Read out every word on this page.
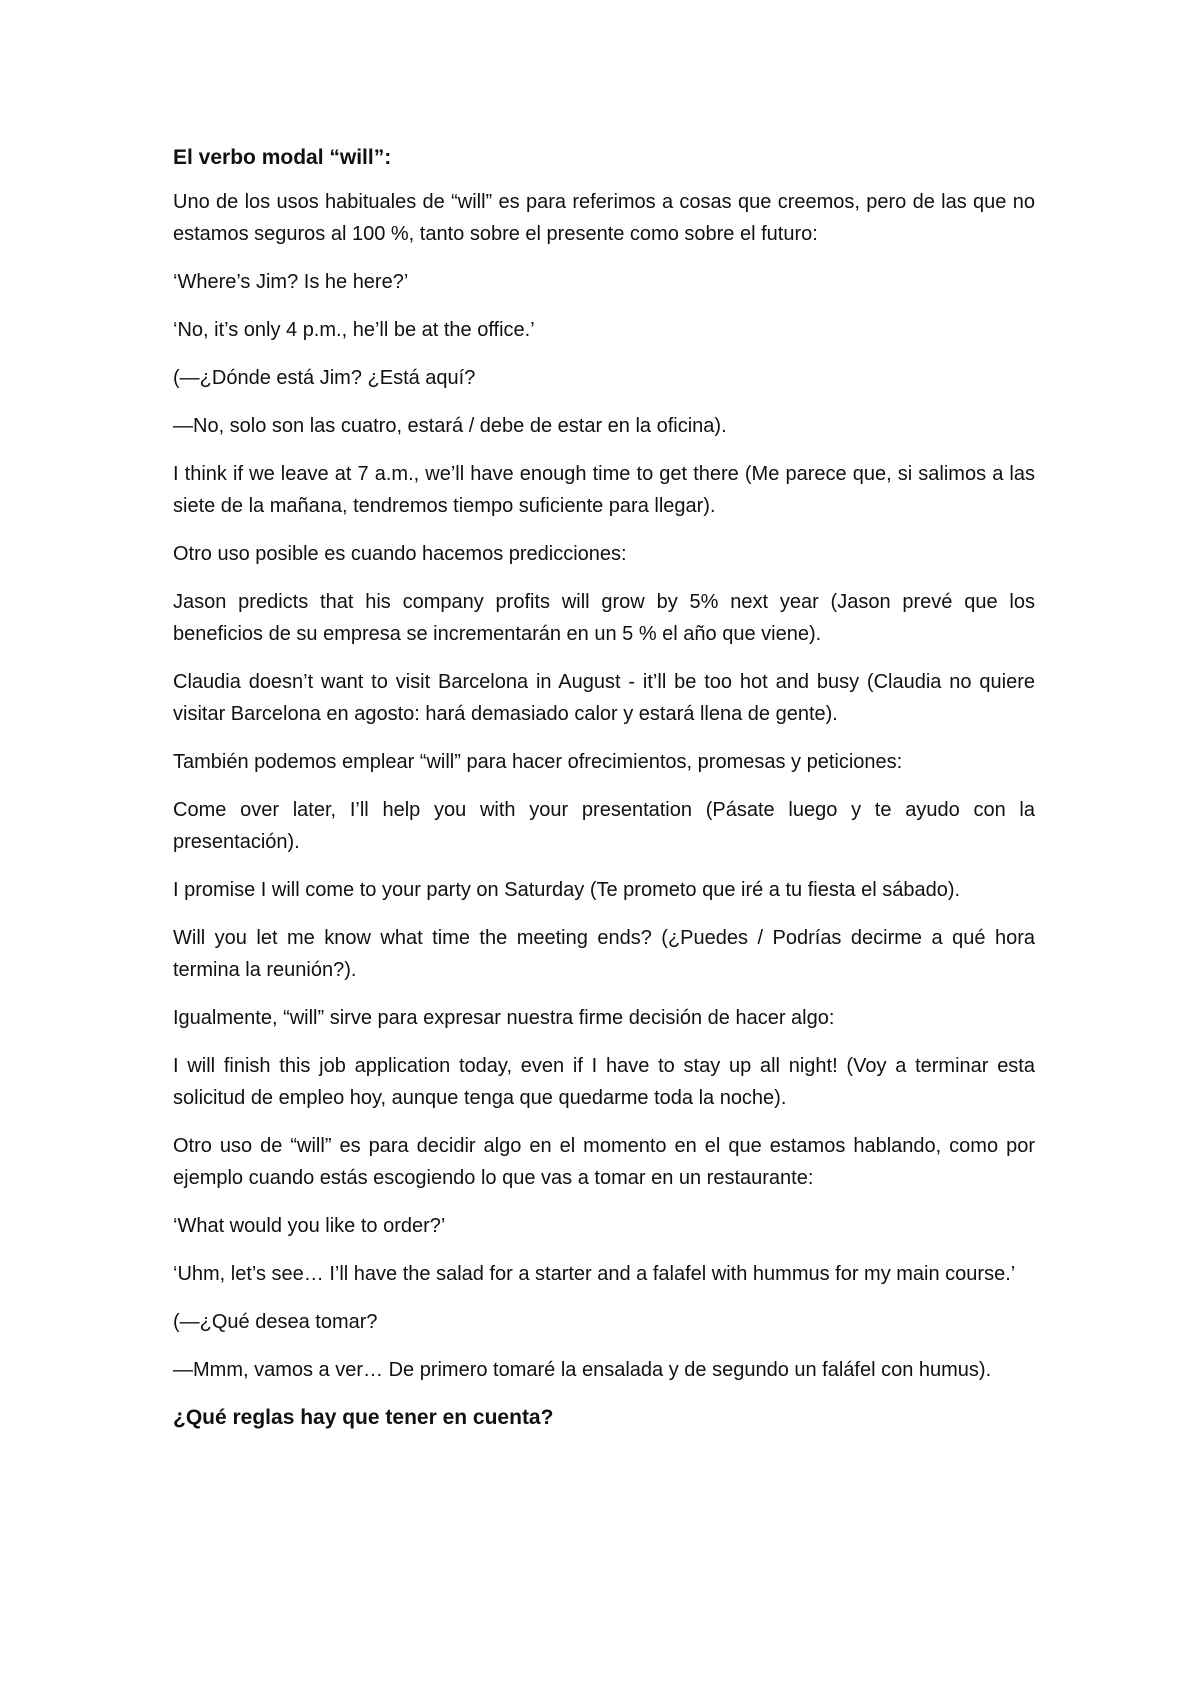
El verbo modal “will”:

Uno de los usos habituales de “will” es para referimos a cosas que creemos, pero de las que no estamos seguros al 100 %, tanto sobre el presente como sobre el futuro:

‘Where’s Jim? Is he here?’

‘No, it’s only 4 p.m., he’ll be at the office.’

(—¿Dónde está Jim? ¿Está aquí?

—No, solo son las cuatro, estará / debe de estar en la oficina).

I think if we leave at 7 a.m., we’ll have enough time to get there (Me parece que, si salimos a las siete de la mañana, tendremos tiempo suficiente para llegar).

Otro uso posible es cuando hacemos predicciones:

Jason predicts that his company profits will grow by 5% next year (Jason prevé que los beneficios de su empresa se incrementarán en un 5 % el año que viene).

Claudia doesn’t want to visit Barcelona in August - it’ll be too hot and busy (Claudia no quiere visitar Barcelona en agosto: hará demasiado calor y estará llena de gente).

También podemos emplear “will” para hacer ofrecimientos, promesas y peticiones:

Come over later, I’ll help you with your presentation (Pásate luego y te ayudo con la presentación).

I promise I will come to your party on Saturday (Te prometo que iré a tu fiesta el sábado).

Will you let me know what time the meeting ends? (¿Puedes / Podrías decirme a qué hora termina la reunión?).

Igualmente, “will” sirve para expresar nuestra firme decisión de hacer algo:

I will finish this job application today, even if I have to stay up all night! (Voy a terminar esta solicitud de empleo hoy, aunque tenga que quedarme toda la noche).

Otro uso de “will” es para decidir algo en el momento en el que estamos hablando, como por ejemplo cuando estás escogiendo lo que vas a tomar en un restaurante:

‘What would you like to order?’

‘Uhm, let’s see… I’ll have the salad for a starter and a falafel with hummus for my main course.’

(—¿Qué desea tomar?

—Mmm, vamos a ver… De primero tomaré la ensalada y de segundo un faláfel con humus).

¿Qué reglas hay que tener en cuenta?
